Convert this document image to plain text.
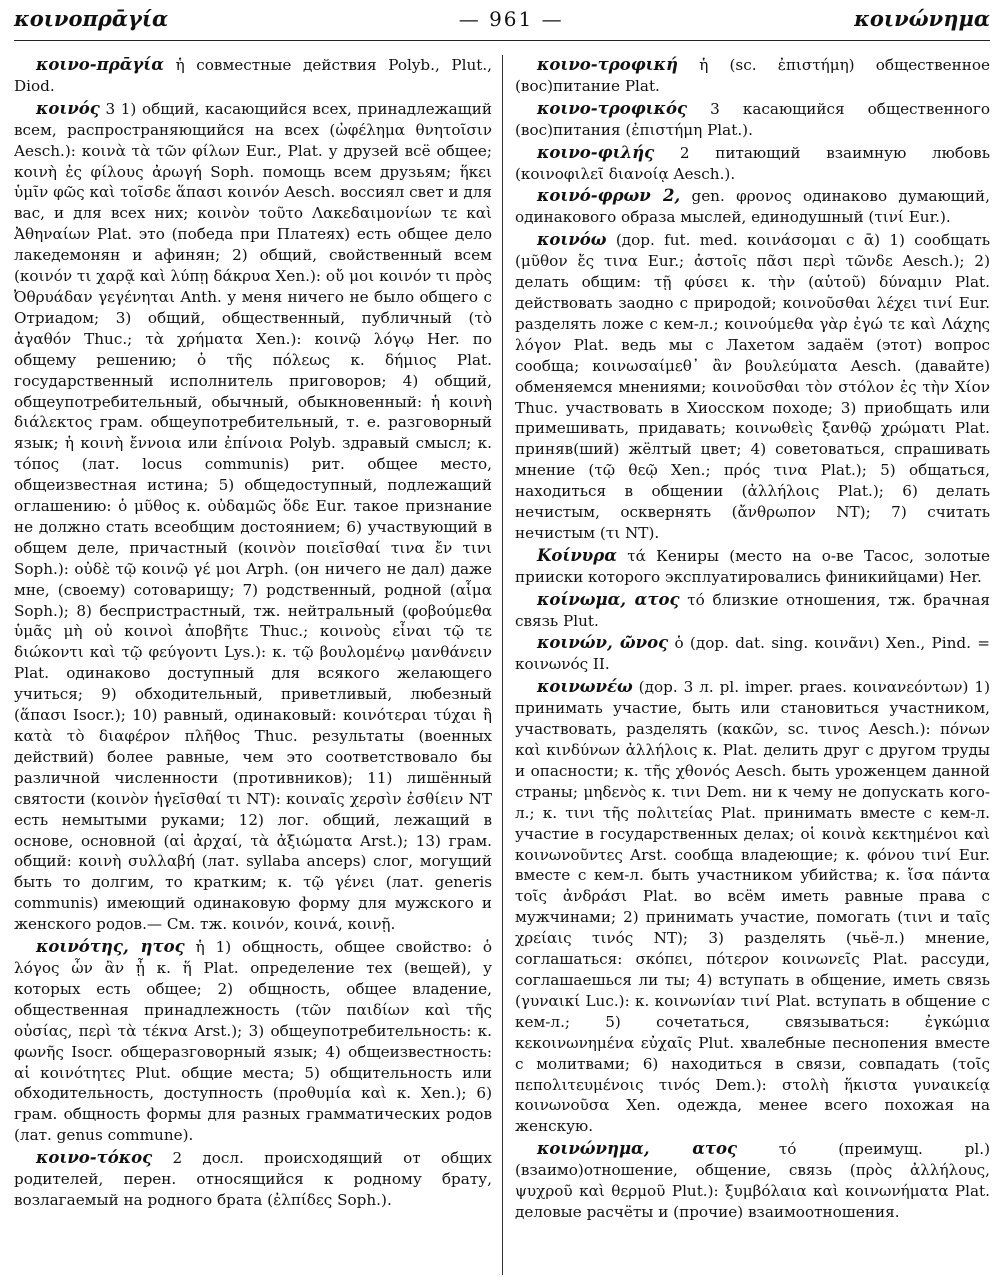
κοινοπρᾱγία	— 961 —	κοινώνημα

κοινο-πρᾱγία ἡ совместные действия Polyb., Plut., Diod.

κοινός 3 1) общий, касающийся всех, принадлежащий всем, распространяющийся на всех (ὠφέλημα θνητοῖσιν Aesch.): κοινὰ τὰ τῶν φίλων Eur., Plat. у друзей всё общее; κοινὴ ἐς φίλους ἀρωγή Soph. помощь всем друзьям; ἥκει ὑμῖν φῶς καὶ τοῖσδε ἅπασι κοινόν Aesch. воссиял свет и для вас, и для всех них; κοινὸν τοῦτο Λακεδαιμονίων τε καὶ Ἀθηναίων Plat. это (победа при Платеях) есть общее дело лакедемонян и афинян; 2) общий, свойственный всем (κοινόν τι χαρᾷ καὶ λύπῃ δάκρυα Xen.): οὔ μοι κοινόν τι πρὸς Ὀθρυάδαν γεγένηται Anth. у меня ничего не было общего с Отриадом; 3) общий, общественный, публичный (τὸ ἀγαθόν Thuc.; τὰ χρήματα Xen.): κοινῷ λόγῳ Her. по общему решению; ὁ τῆς πόλεως κ. δήμιος Plat. государственный исполнитель приговоров; 4) общий, общеупотребительный, обычный, обыкновенный: ἡ κοινὴ διάλεκτος грам. общеупотребительный, т. е. разговорный язык; ἡ κοινὴ ἔννοια или ἐπίνοια Polyb. здравый смысл; κ. τόπος (лат. locus communis) рит. общее место, общеизвестная истина; 5) общедоступный, подлежащий оглашению: ὁ μῦθος κ. οὐδαμῶς ὅδε Eur. такое признание не должно стать всеобщим достоянием; 6) участвующий в общем деле, причастный (κοινὸν ποιεῖσθαί τινα ἔν τινι Soph.): οὐδὲ τῷ κοινῷ γέ μοι Arph. (он ничего не дал) даже мне, (своему) сотоварищу; 7) родственный, родной (αἷμα Soph.); 8) беспристрастный, тж. нейтральный (φοβούμεθα ὑμᾶς μὴ οὐ κοινοὶ ἀποβῆτε Thuc.; κοινοὺς εἶναι τῷ τε διώκοντι καὶ τῷ φεύγοντι Lys.): κ. τῷ βουλομένῳ μανθάνειν Plat. одинаково доступный для всякого желающего учиться; 9) обходительный, приветливый, любезный (ἅπασι Isocr.); 10) равный, одинаковый: κοινότεραι τύχαι ἢ κατὰ τὸ διαφέρον πλῆθος Thuc. результаты (военных действий) более равные, чем это соответствовало бы различной численности (противников); 11) лишённый святости (κοινὸν ἡγεῖσθαί τι NT): κοιναῖς χερσὶν ἐσθίειν NT есть немытыми руками; 12) лог. общий, лежащий в основе, основной (αἱ ἀρχαί, τὰ ἀξιώματα Arst.); 13) грам. общий: κοινὴ συλλαβή (лат. syllaba anceps) слог, могущий быть то долгим, то кратким; κ. τῷ γένει (лат. generis communis) имеющий одинаковую форму для мужского и женского родов.— См. тж. κοινόν, κοινά, κοινῇ.

κοινότης, ητος ἡ 1) общность, общее свойство: ὁ λόγος ὧν ἂν ᾖ κ. ἥ Plat. определение тех (вещей), у которых есть общее; 2) общность, общее владение, общественная принадлежность (τῶν παιδίων καὶ τῆς οὐσίας, περὶ τὰ τέκνα Arst.); 3) общеупотребительность: κ. φωνῆς Isocr. общеразговорный язык; 4) общеизвестность: αἱ κοινότητες Plut. общие места; 5) общительность или обходительность, доступность (προθυμία καὶ κ. Xen.); 6) грам. общность формы для разных грамматических родов (лат. genus commune).

κοινο-τόκος 2 досл. происходящий от общих родителей, перен. относящийся к родному брату, возлагаемый на родного брата (ἐλπίδες Soph.).

κοινο-τροφική ἡ (sc. ἐπιστήμη) общественное (вос)питание Plat.

κοινο-τροφικός 3 касающийся общественного (вос)питания (ἐπιστήμη Plat.).

κοινο-φιλής 2 питающий взаимную любовь (κοινοφιλεῖ διανοίᾳ Aesch.).

κοινό-φρων 2, gen. φρονος одинаково думающий, одинакового образа мыслей, единодушный (τινί Eur.).

κοινόω (дор. fut. med. κοινάσομαι с ᾱ) 1) сообщать (μῦθον ἔς τινα Eur.; ἀστοῖς πᾶσι περὶ τῶνδε Aesch.); 2) делать общим: τῇ φύσει κ. τὴν (αὑτοῦ) δύναμιν Plat. действовать заодно с природой; κοινοῦσθαι λέχει τινί Eur. разделять ложе с кем-л.; κοινούμεθα γὰρ ἐγώ τε καὶ Λάχης λόγον Plat. ведь мы с Лахетом задаём (этот) вопрос сообща; κοινωσαίμεθ᾽ ἂν βουλεύματα Aesch. (давайте) обменяемся мнениями; κοινοῦσθαι τὸν στόλον ἐς τὴν Χίον Thuc. участвовать в Хиосском походе; 3) приобщать или примешивать, придавать; κοινωθεὶς ξανθῷ χρώματι Plat. приняв(ший) жёлтый цвет; 4) советоваться, спрашивать мнение (τῷ θεῷ Xen.; πρός τινα Plat.); 5) общаться, находиться в общении (ἀλλήλοις Plat.); 6) делать нечистым, осквернять (ἄνθρωπον NT); 7) считать нечистым (τι NT).

Κοίνυρα τά Кениры (место на о-ве Тасос, золотые прииски которого эксплуатировались финикийцами) Her.

κοίνωμα, ατος τό близкие отношения, тж. брачная связь Plut.

κοινών, ῶνος ὁ (дор. dat. sing. κοινᾶνι) Xen., Pind. = κοινωνός II.

κοινωνέω (дор. 3 л. pl. imper. praes. κοινανεόντων) 1) принимать участие, быть или становиться участником, участвовать, разделять (κακῶν, sc. τινος Aesch.): πόνων καὶ κινδύνων ἀλλήλοις κ. Plat. делить друг с другом труды и опасности; κ. τῆς χθονός Aesch. быть уроженцем данной страны; μηδενὸς κ. τινι Dem. ни к чему не допускать кого-л.; κ. τινι τῆς πολιτείας Plat. принимать вместе с кем-л. участие в государственных делах; οἱ κοινὰ κεκτημένοι καὶ κοινωνοῦντες Arst. сообща владеющие; κ. φόνου τινί Eur. вместе с кем-л. быть участником убийства; κ. ἴσα πάντα τοῖς ἀνδράσι Plat. во всём иметь равные права с мужчинами; 2) принимать участие, помогать (τινι и ταῖς χρείαις τινός NT); 3) разделять (чьё-л.) мнение, соглашаться: σκόπει, πότερον κοινωνεῖς Plat. рассуди, соглашаешься ли ты; 4) вступать в общение, иметь связь (γυναικί Luc.): κ. κοινωνίαν τινί Plat. вступать в общение с кем-л.; 5) сочетаться, связываться: ἐγκώμια κεκοινωνημένα εὐχαῖς Plut. хвалебные песнопения вместе с молитвами; 6) находиться в связи, совпадать (τοῖς πεπολιτευμένοις τινός Dem.): στολὴ ἥκιστα γυναικείᾳ κοινωνοῦσα Xen. одежда, менее всего похожая на женскую.

κοινώνημα, ατος τό (преимущ. pl.) (взаимо)отношение, общение, связь (πρὸς ἀλλήλους, ψυχροῦ καὶ θερμοῦ Plut.): ξυμβόλαια καὶ κοινωνήματα Plat. деловые расчёты и (прочие) взаимоотношения.
